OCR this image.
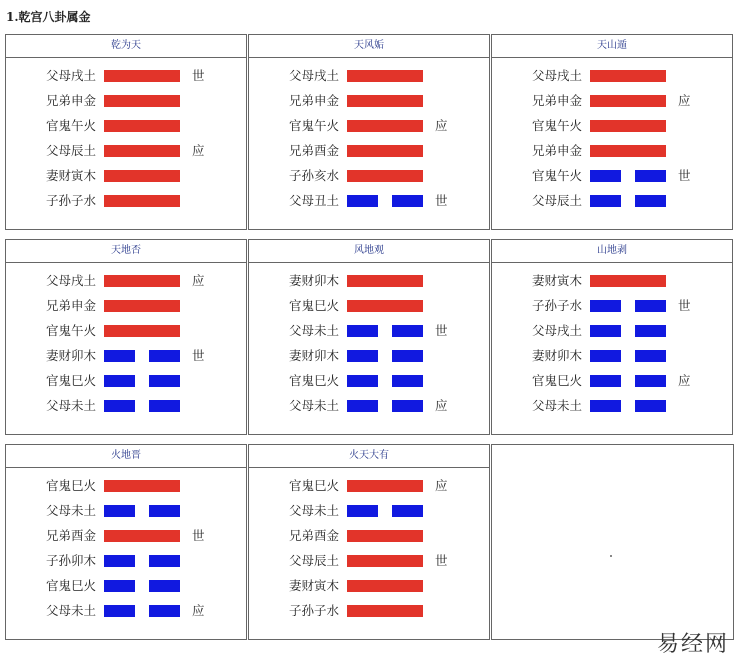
1.乾宫八卦属金
乾为天
父母戌土	世
兄弟申金
官鬼午火
父母辰土	应
妻财寅木
子孙子水
天风姤
父母戌土
兄弟申金
官鬼午火	应
兄弟酉金
子孙亥水
父母丑土	世
天山遁
父母戌土
兄弟申金	应
官鬼午火
兄弟申金
官鬼午火	世
父母辰土
天地否
父母戌土	应
兄弟申金
官鬼午火
妻财卯木	世
官鬼巳火
父母未土
风地观
妻财卯木
官鬼巳火
父母未土	世
妻财卯木
官鬼巳火
父母未土	应
山地剥
妻财寅木
子孙子水	世
父母戌土
妻财卯木
官鬼巳火	应
父母未土
火地晋
官鬼巳火
父母未土
兄弟酉金	世
子孙卯木
官鬼巳火
父母未土	应
火天大有
官鬼巳火	应
父母未土
兄弟酉金
父母辰土	世
妻财寅木
子孙子水
易经网
